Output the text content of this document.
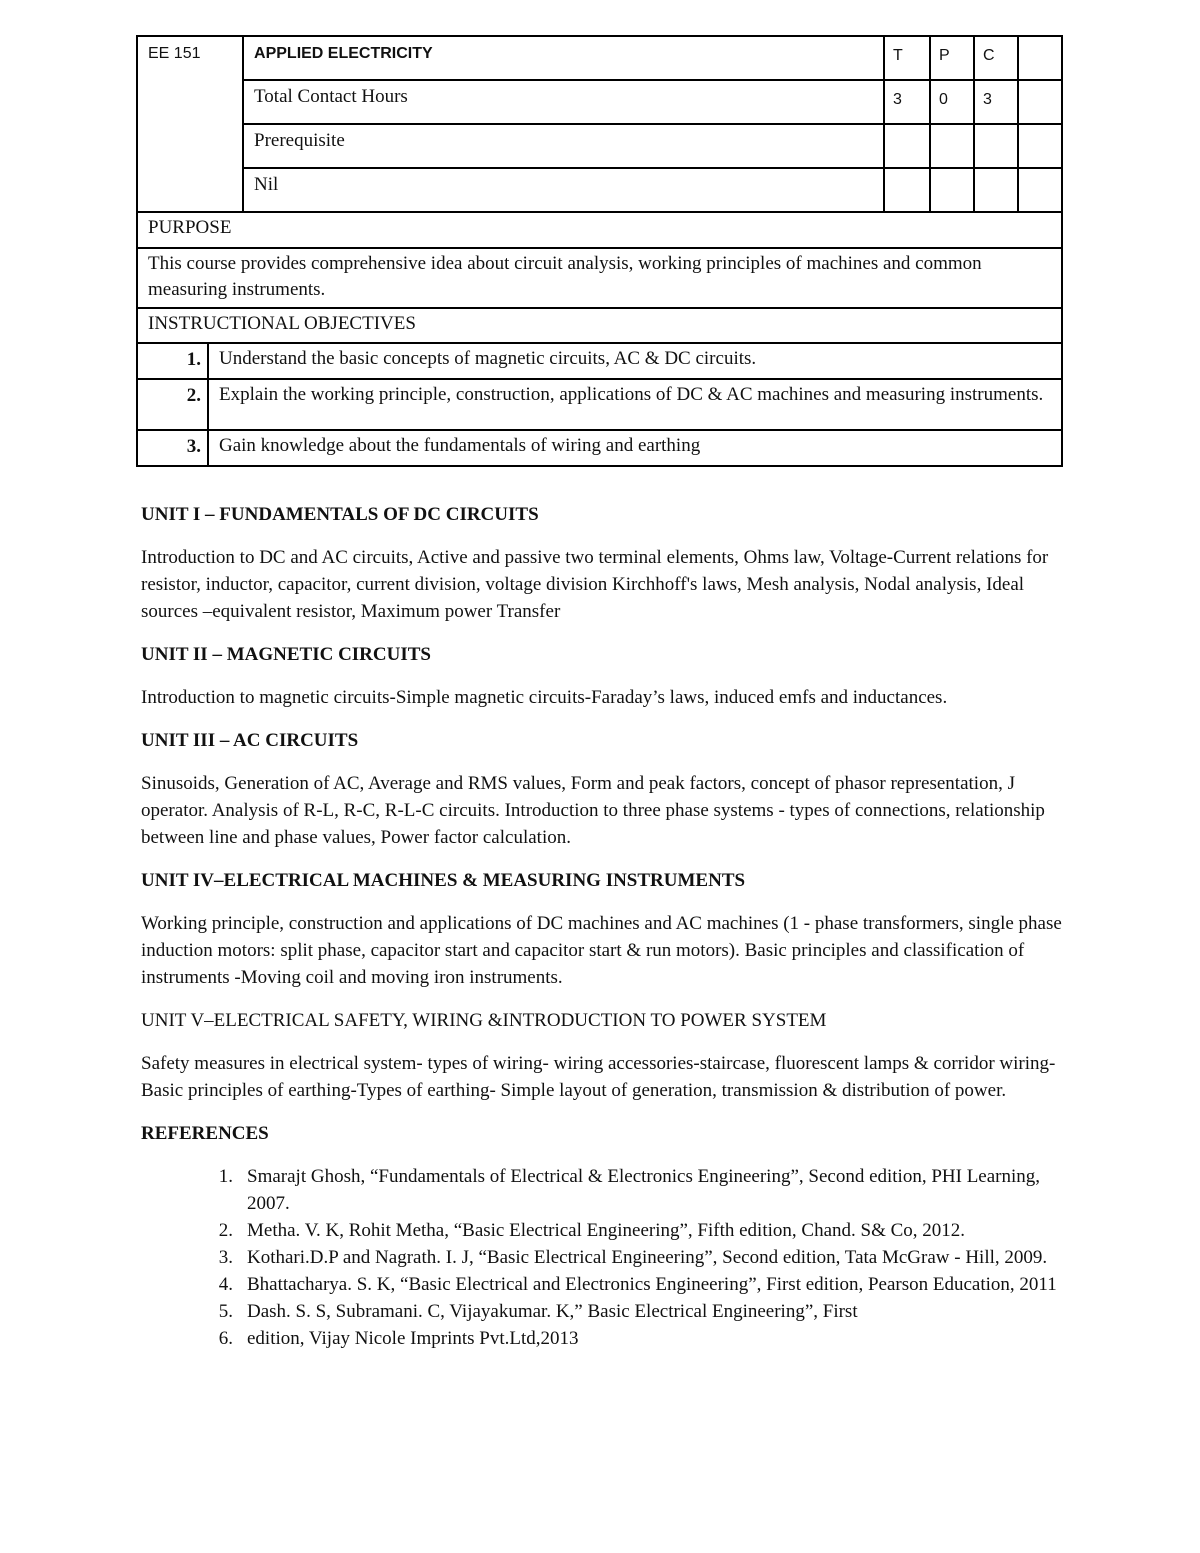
EE 151		APPLIED ELECTRICITY	T	P	C	
		Total Contact Hours	3	0	3	
		Prerequisite				
		Nil				
PURPOSE						
This course provides comprehensive idea about circuit analysis, working principles of machines and common measuring instruments.						
INSTRUCTIONAL OBJECTIVES						
1.	Understand the basic concepts of magnetic circuits, AC & DC circuits.					
2.	Explain the working principle, construction, applications of DC & AC machines and measuring instruments.					
3.	Gain knowledge about the fundamentals of wiring and earthing					
UNIT I – FUNDAMENTALS OF DC CIRCUITS

Introduction to DC and AC circuits, Active and passive two terminal elements, Ohms law, Voltage-Current relations for resistor, inductor, capacitor, current division, voltage division Kirchhoff's laws, Mesh analysis, Nodal analysis, Ideal sources –equivalent resistor, Maximum power Transfer

UNIT II – MAGNETIC CIRCUITS

Introduction to magnetic circuits-Simple magnetic circuits-Faraday’s laws, induced emfs and inductances.

UNIT III – AC CIRCUITS

Sinusoids, Generation of AC, Average and RMS values, Form and peak factors, concept of phasor representation, J operator. Analysis of R-L, R-C, R-L-C circuits. Introduction to three phase systems - types of connections, relationship between line and phase values, Power factor calculation.

UNIT IV–ELECTRICAL MACHINES & MEASURING INSTRUMENTS

Working principle, construction and applications of DC machines and AC machines (1 - phase transformers, single phase induction motors: split phase, capacitor start and capacitor start & run motors). Basic principles and classification of instruments -Moving coil and moving iron instruments.

UNIT V–ELECTRICAL SAFETY, WIRING &INTRODUCTION TO POWER SYSTEM

Safety measures in electrical system- types of wiring- wiring accessories-staircase, fluorescent lamps & corridor wiring- Basic principles of earthing-Types of earthing- Simple layout of generation, transmission & distribution of power.

REFERENCES
1. Smarajt Ghosh, “Fundamentals of Electrical & Electronics Engineering”, Second edition, PHI Learning, 2007.
2. Metha. V. K, Rohit Metha, “Basic Electrical Engineering”, Fifth edition, Chand. S& Co, 2012.
3. Kothari.D.P and Nagrath. I. J, “Basic Electrical Engineering”, Second edition, Tata McGraw - Hill, 2009.
4. Bhattacharya. S. K, “Basic Electrical and Electronics Engineering”, First edition, Pearson Education, 2011
5. Dash. S. S, Subramani. C, Vijayakumar. K,” Basic Electrical Engineering”, First
6. edition, Vijay Nicole Imprints Pvt.Ltd,2013
